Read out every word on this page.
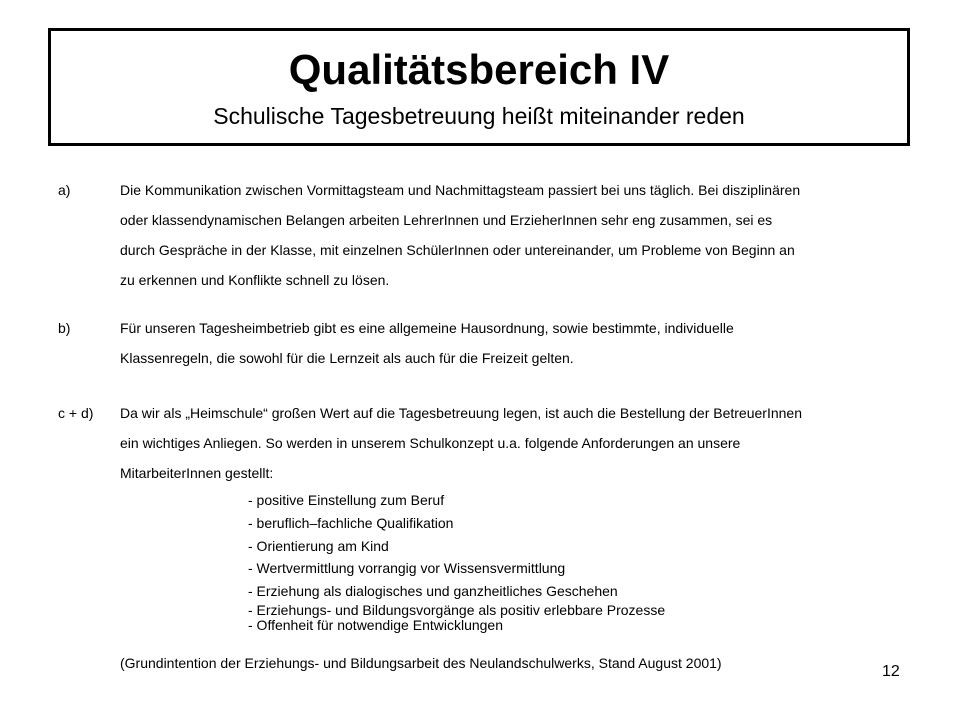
Qualitätsbereich IV
Schulische Tagesbetreuung heißt miteinander reden
a)	Die Kommunikation zwischen Vormittagsteam und Nachmittagsteam passiert bei uns täglich. Bei disziplinären
oder klassendynamischen Belangen arbeiten LehrerInnen und ErzieherInnen sehr eng zusammen, sei es
durch Gespräche in der Klasse, mit einzelnen SchülerInnen oder untereinander, um Probleme von Beginn an
zu erkennen und Konflikte schnell zu lösen.
b)	Für unseren Tagesheimbetrieb gibt es eine allgemeine Hausordnung, sowie bestimmte, individuelle
Klassenregeln, die sowohl für die Lernzeit als auch für die Freizeit gelten.
c + d) Da wir als „Heimschule“ großen Wert auf die Tagesbetreuung legen, ist auch die Bestellung der BetreuerInnen
ein wichtiges Anliegen. So werden in unserem Schulkonzept u.a. folgende Anforderungen an unsere
MitarbeiterInnen gestellt:
- positive Einstellung zum Beruf
- beruflich–fachliche Qualifikation
- Orientierung am Kind
- Wertvermittlung vorrangig vor Wissensvermittlung
- Erziehung als dialogisches und ganzheitliches Geschehen
- Erziehungs- und Bildungsvorgänge als positiv erlebbare Prozesse
- Offenheit für notwendige Entwicklungen
(Grundintention der Erziehungs- und Bildungsarbeit des Neulandschulwerks, Stand August 2001)	12
